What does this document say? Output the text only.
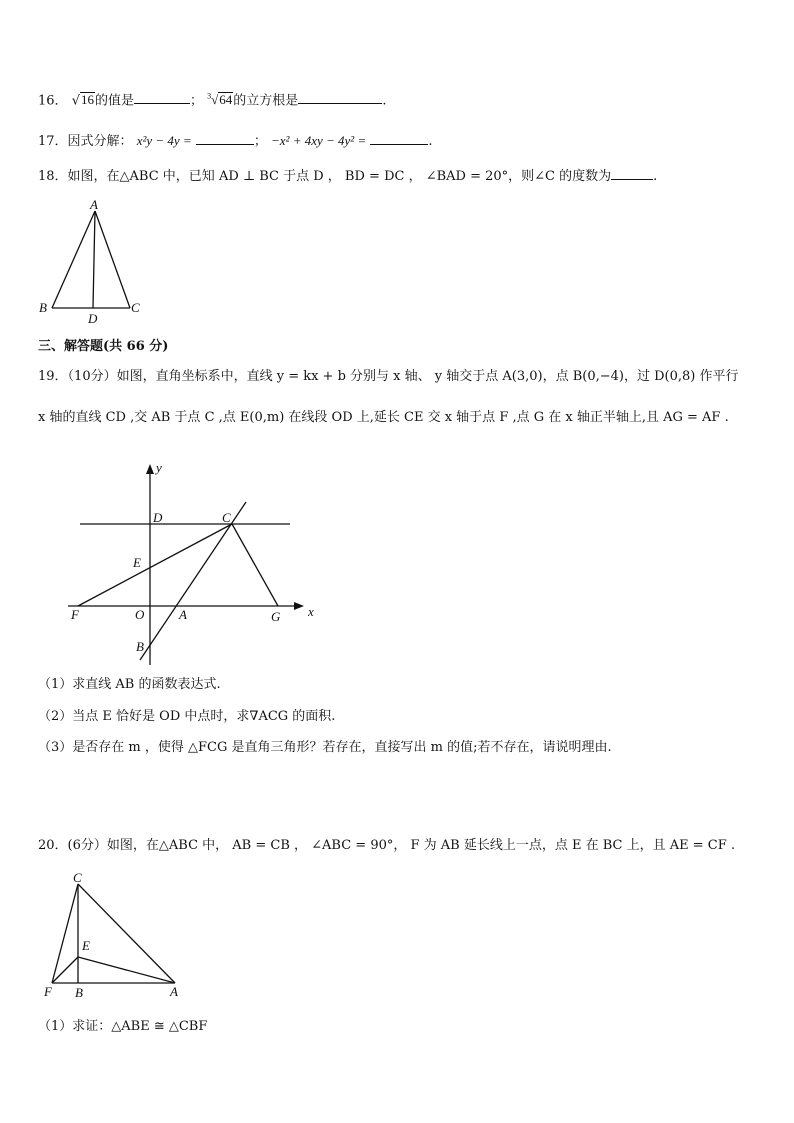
16． √16的值是	； $^3$√64的立方根是	.
17．因式分解： x²y − 4y =	； −x² + 4xy − 4y² =	.
18．如图，在△ABC 中，已知 AD ⊥ BC 于点 D ， BD = DC ， ∠BAD = 20°，则∠C 的度数为	.
A
B	C
D
三、解答题(共 66 分)
19．（10分）如图，直角坐标系中，直线 y = kx + b 分别与 x 轴、 y 轴交于点 A(3,0)，点 B(0,−4)，过 D(0,8) 作平行
x 轴的直线 CD ,交 AB 于点 C ,点 E(0,m) 在线段 OD 上,延长 CE 交 x 轴于点 F ,点 G 在 x 轴正半轴上,且 AG = AF .
y
x
D	C
E
F	O	A	G
B
（1）求直线 AB 的函数表达式.
（2）当点 E 恰好是 OD 中点时，求∇ACG 的面积.
（3）是否存在 m ，使得 △FCG 是直角三角形？若存在，直接写出 m 的值;若不存在，请说明理由.
20．(6分）如图，在△ABC 中， AB = CB ， ∠ABC = 90°， F 为 AB 延长线上一点，点 E 在 BC 上，且 AE = CF .
C
E
F B	A
（1）求证：△ABE ≅ △CBF
